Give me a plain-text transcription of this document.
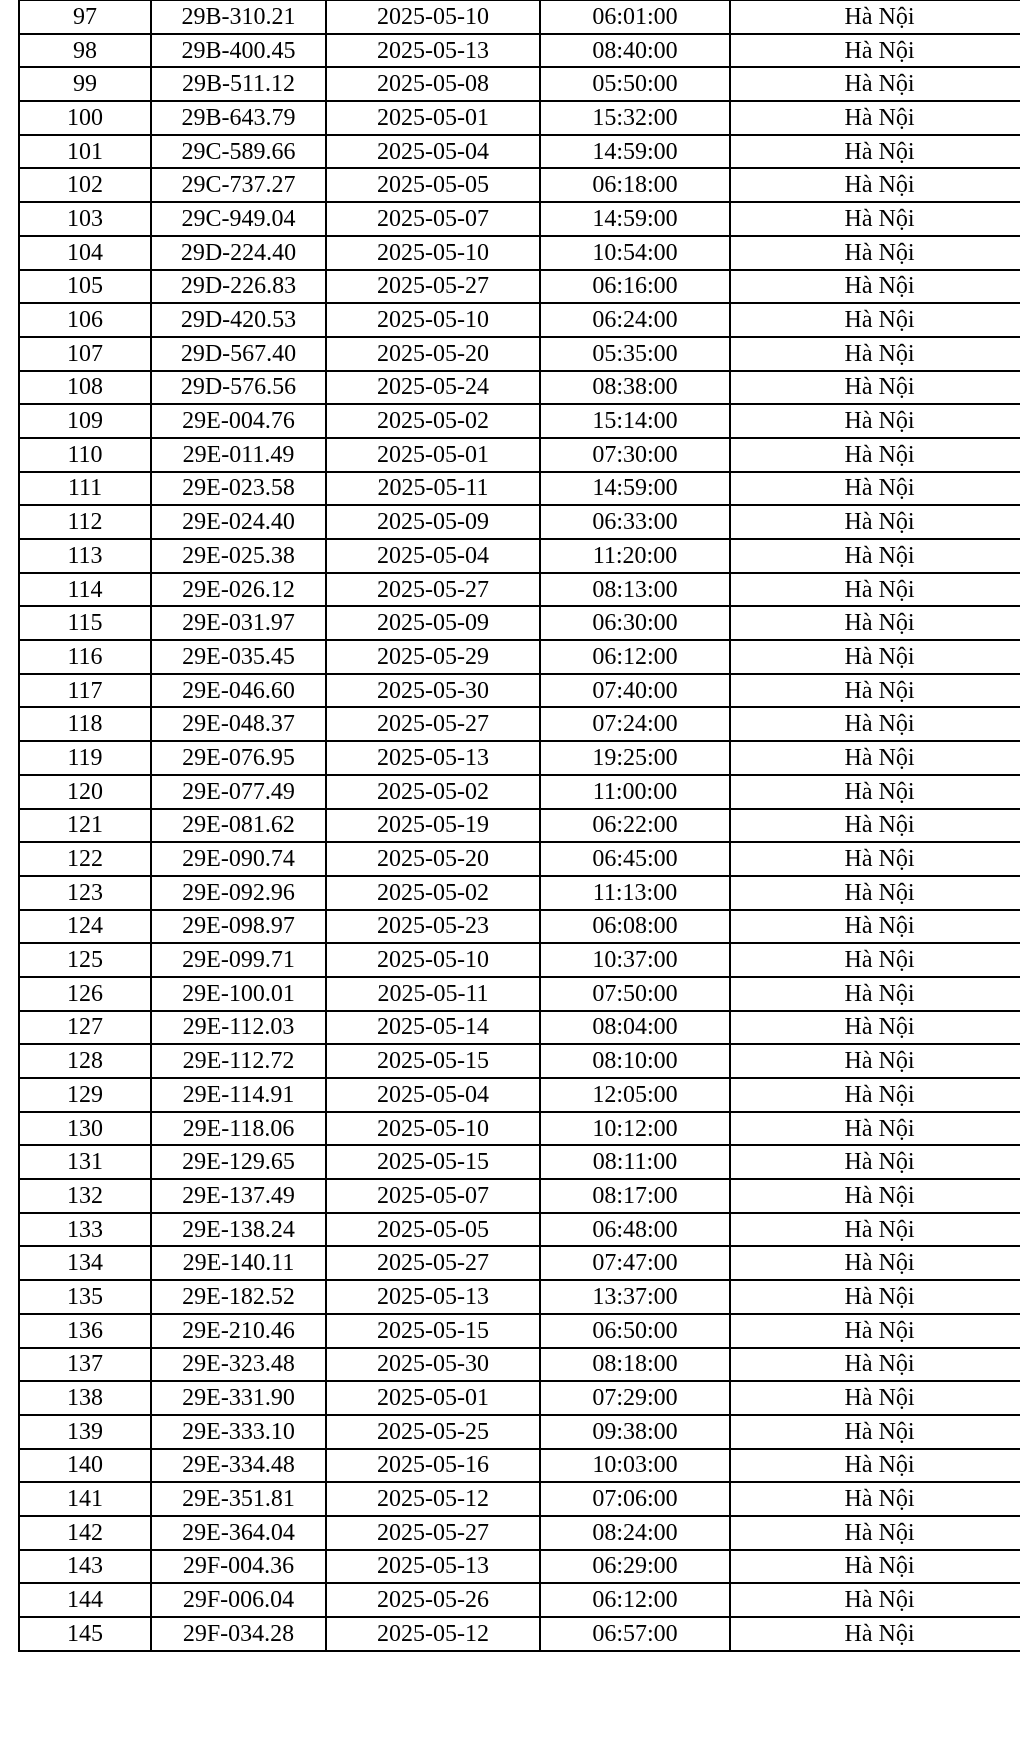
97	29B-310.21	2025-05-10	06:01:00	Hà Nội
98	29B-400.45	2025-05-13	08:40:00	Hà Nội
99	29B-511.12	2025-05-08	05:50:00	Hà Nội
100	29B-643.79	2025-05-01	15:32:00	Hà Nội
101	29C-589.66	2025-05-04	14:59:00	Hà Nội
102	29C-737.27	2025-05-05	06:18:00	Hà Nội
103	29C-949.04	2025-05-07	14:59:00	Hà Nội
104	29D-224.40	2025-05-10	10:54:00	Hà Nội
105	29D-226.83	2025-05-27	06:16:00	Hà Nội
106	29D-420.53	2025-05-10	06:24:00	Hà Nội
107	29D-567.40	2025-05-20	05:35:00	Hà Nội
108	29D-576.56	2025-05-24	08:38:00	Hà Nội
109	29E-004.76	2025-05-02	15:14:00	Hà Nội
110	29E-011.49	2025-05-01	07:30:00	Hà Nội
111	29E-023.58	2025-05-11	14:59:00	Hà Nội
112	29E-024.40	2025-05-09	06:33:00	Hà Nội
113	29E-025.38	2025-05-04	11:20:00	Hà Nội
114	29E-026.12	2025-05-27	08:13:00	Hà Nội
115	29E-031.97	2025-05-09	06:30:00	Hà Nội
116	29E-035.45	2025-05-29	06:12:00	Hà Nội
117	29E-046.60	2025-05-30	07:40:00	Hà Nội
118	29E-048.37	2025-05-27	07:24:00	Hà Nội
119	29E-076.95	2025-05-13	19:25:00	Hà Nội
120	29E-077.49	2025-05-02	11:00:00	Hà Nội
121	29E-081.62	2025-05-19	06:22:00	Hà Nội
122	29E-090.74	2025-05-20	06:45:00	Hà Nội
123	29E-092.96	2025-05-02	11:13:00	Hà Nội
124	29E-098.97	2025-05-23	06:08:00	Hà Nội
125	29E-099.71	2025-05-10	10:37:00	Hà Nội
126	29E-100.01	2025-05-11	07:50:00	Hà Nội
127	29E-112.03	2025-05-14	08:04:00	Hà Nội
128	29E-112.72	2025-05-15	08:10:00	Hà Nội
129	29E-114.91	2025-05-04	12:05:00	Hà Nội
130	29E-118.06	2025-05-10	10:12:00	Hà Nội
131	29E-129.65	2025-05-15	08:11:00	Hà Nội
132	29E-137.49	2025-05-07	08:17:00	Hà Nội
133	29E-138.24	2025-05-05	06:48:00	Hà Nội
134	29E-140.11	2025-05-27	07:47:00	Hà Nội
135	29E-182.52	2025-05-13	13:37:00	Hà Nội
136	29E-210.46	2025-05-15	06:50:00	Hà Nội
137	29E-323.48	2025-05-30	08:18:00	Hà Nội
138	29E-331.90	2025-05-01	07:29:00	Hà Nội
139	29E-333.10	2025-05-25	09:38:00	Hà Nội
140	29E-334.48	2025-05-16	10:03:00	Hà Nội
141	29E-351.81	2025-05-12	07:06:00	Hà Nội
142	29E-364.04	2025-05-27	08:24:00	Hà Nội
143	29F-004.36	2025-05-13	06:29:00	Hà Nội
144	29F-006.04	2025-05-26	06:12:00	Hà Nội
145	29F-034.28	2025-05-12	06:57:00	Hà Nội
